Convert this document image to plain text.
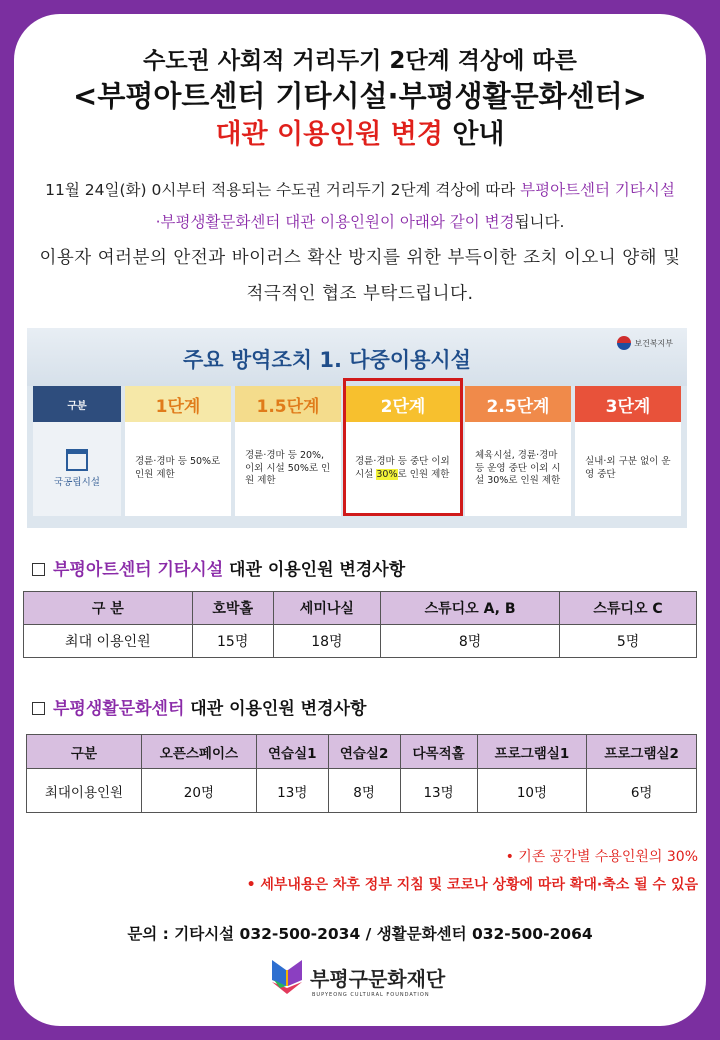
수도권 사회적 거리두기 2단계 격상에 따른
<부평아트센터 기타시설·부평생활문화센터>
대관 이용인원 변경 안내
11월 24일(화) 0시부터 적용되는 수도권 거리두기 2단계 격상에 따라 부평아트센터 기타시설
·부평생활문화센터 대관 이용인원이 아래와 같이 변경됩니다.
이용자 여러분의 안전과 바이러스 확산 방지를 위한 부득이한 조치 이오니 양해 및
적극적인 협조 부탁드립니다.
주요 방역조치 1. 다중이용시설
보건복지부
구분
국공립시설
1단계
경륜·경마 등 50%로 인원 제한
1.5단계
경륜·경마 등 20%, 이외 시설 50%로 인원 제한
2단계
경륜·경마 등 중단 이외 시설 30%로 인원 제한
2.5단계
체육시설, 경륜·경마 등 운영 중단 이외 시설 30%로 인원 제한
3단계
실내·외 구분 없이 운영 중단
부평아트센터 기타시설 대관 이용인원 변경사항
구 분	호박홀	세미나실	스튜디오 A, B	스튜디오 C
최대 이용인원	15명	18명	8명	5명
부평생활문화센터 대관 이용인원 변경사항
구분	오픈스페이스	연습실1	연습실2	다목적홀	프로그램실1	프로그램실2
최대이용인원	20명	13명	8명	13명	10명	6명
• 기존 공간별 수용인원의 30%
• 세부내용은 차후 정부 지침 및 코로나 상황에 따라 확대·축소 될 수 있음
문의 : 기타시설 032-500-2034 / 생활문화센터 032-500-2064
부평구문화재단
BUPYEONG CULTURAL FOUNDATION
